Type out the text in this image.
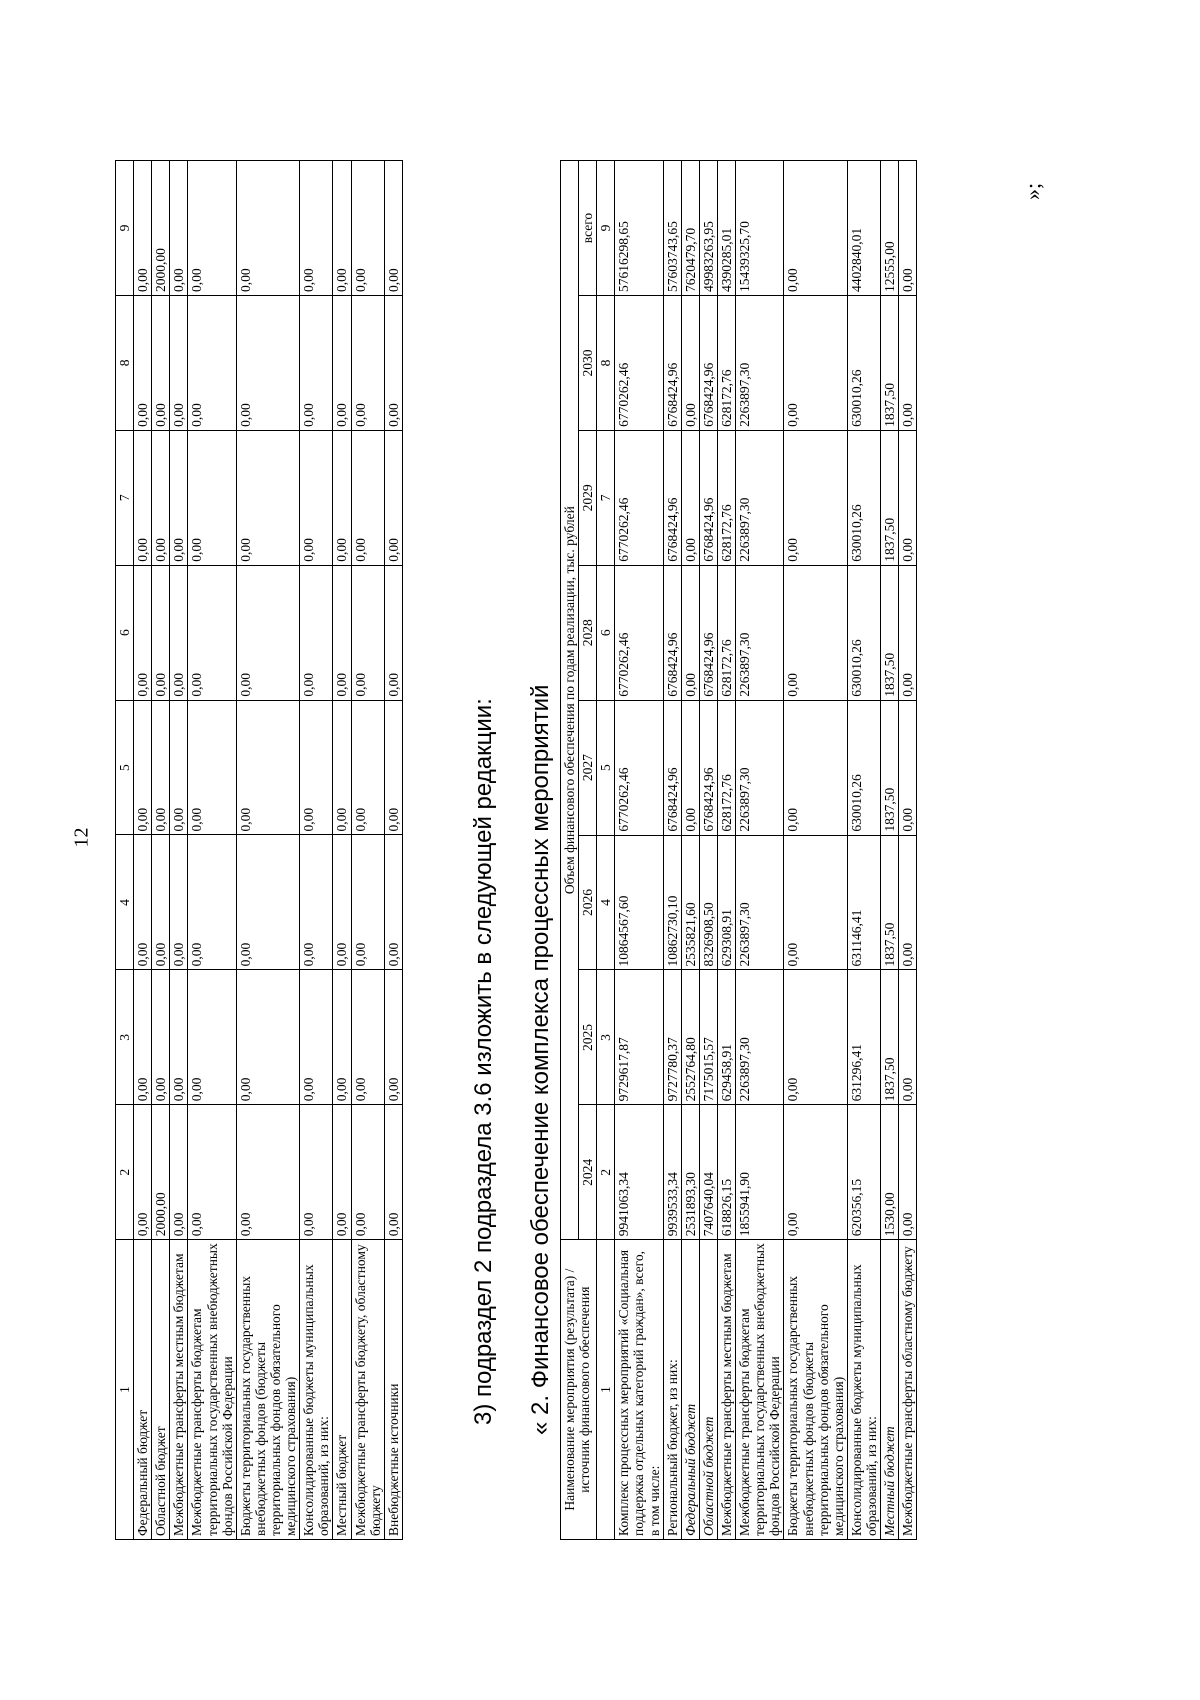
12
1	2	3	4	5	6	7	8	9
Федеральный бюджет	0,00	0,00	0,00	0,00	0,00	0,00	0,00	0,00
Областной бюджет	2000,00	0,00	0,00	0,00	0,00	0,00	0,00	2000,00
Межбюджетные трансферты местным бюджетам	0,00	0,00	0,00	0,00	0,00	0,00	0,00	0,00
Межбюджетные трансферты бюджетам территориальных государственных внебюджетных фондов Российской Федерации	0,00	0,00	0,00	0,00	0,00	0,00	0,00	0,00
Бюджеты территориальных государственных внебюджетных фондов (бюджеты территориальных фондов обязательного медицинского страхования)	0,00	0,00	0,00	0,00	0,00	0,00	0,00	0,00
Консолидированные бюджеты муниципальных образований, из них:	0,00	0,00	0,00	0,00	0,00	0,00	0,00	0,00
Местный бюджет	0,00	0,00	0,00	0,00	0,00	0,00	0,00	0,00
Межбюджетные трансферты бюджету, областному бюджету	0,00	0,00	0,00	0,00	0,00	0,00	0,00	0,00
Внебюджетные источники	0,00	0,00	0,00	0,00	0,00	0,00	0,00	0,00
»;
3) подраздел 2 подраздела 3.6 изложить в следующей редакции: « 2. Финансовое обеспечение комплекса процессных мероприятий Наименование мероприятия (результата) / источник финансового обеспечения	Объем финансового обеспечения по годам реализации, тыс. рублей							
	2024	2025	2026	2027	2028	2029	2030	всего
1	2	3	4	5	6	7	8	9
Комплекс процессных мероприятий «Социальная поддержка отдельных категорий граждан», всего, в том числе:	9941063,34	9729617,87	10864567,60	6770262,46	6770262,46	6770262,46	6770262,46	57616298,65
Региональный бюджет, из них:	9939533,34	9727780,37	10862730,10	6768424,96	6768424,96	6768424,96	6768424,96	57603743,65
Федеральный бюджет	2531893,30	2552764,80	2535821,60	0,00	0,00	0,00	0,00	7620479,70
Областной бюджет	7407640,04	7175015,57	8326908,50	6768424,96	6768424,96	6768424,96	6768424,96	49983263,95
Межбюджетные трансферты местным бюджетам	618826,15	629458,91	629308,91	628172,76	628172,76	628172,76	628172,76	4390285,01
Межбюджетные трансферты бюджетам территориальных государственных внебюджетных фондов Российской Федерации	1855941,90	2263897,30	2263897,30	2263897,30	2263897,30	2263897,30	2263897,30	15439325,70
Бюджеты территориальных государственных внебюджетных фондов (бюджеты территориальных фондов обязательного медицинского страхования)	0,00	0,00	0,00	0,00	0,00	0,00	0,00	0,00
Консолидированные бюджеты муниципальных образований, из них:	620356,15	631296,41	631146,41	630010,26	630010,26	630010,26	630010,26	4402840,01
Местный бюджет	1530,00	1837,50	1837,50	1837,50	1837,50	1837,50	1837,50	12555,00
Межбюджетные трансферты областному бюджету	0,00	0,00	0,00	0,00	0,00	0,00	0,00	0,00
